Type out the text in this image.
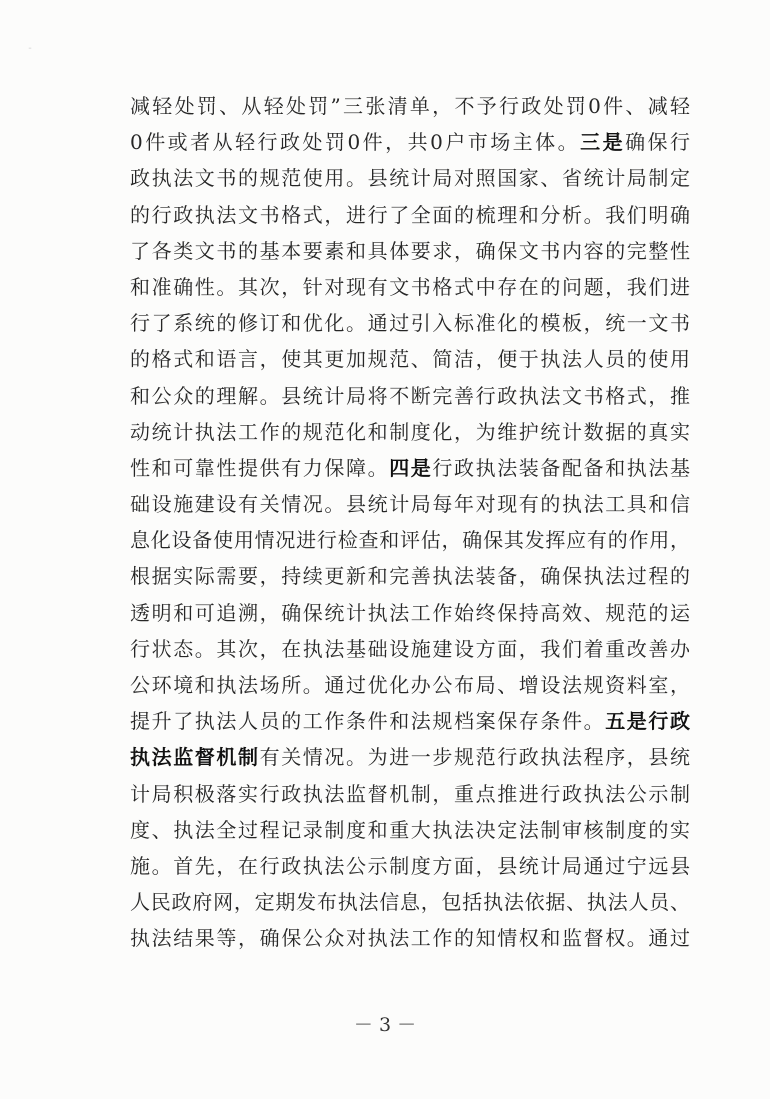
¨
减轻处罚、从轻处罚”三张清单，不予行政处罚0件、减轻
0件或者从轻行政处罚0件，共0户市场主体。三是确保行
政执法文书的规范使用。县统计局对照国家、省统计局制定
的行政执法文书格式，进行了全面的梳理和分析。我们明确
了各类文书的基本要素和具体要求，确保文书内容的完整性
和准确性。其次，针对现有文书格式中存在的问题，我们进
行了系统的修订和优化。通过引入标准化的模板，统一文书
的格式和语言，使其更加规范、简洁，便于执法人员的使用
和公众的理解。县统计局将不断完善行政执法文书格式，推
动统计执法工作的规范化和制度化，为维护统计数据的真实
性和可靠性提供有力保障。四是行政执法装备配备和执法基
础设施建设有关情况。县统计局每年对现有的执法工具和信
息化设备使用情况进行检查和评估，确保其发挥应有的作用，
根据实际需要，持续更新和完善执法装备，确保执法过程的
透明和可追溯，确保统计执法工作始终保持高效、规范的运
行状态。其次，在执法基础设施建设方面，我们着重改善办
公环境和执法场所。通过优化办公布局、增设法规资料室，
提升了执法人员的工作条件和法规档案保存条件。五是行政
执法监督机制有关情况。为进一步规范行政执法程序，县统
计局积极落实行政执法监督机制，重点推进行政执法公示制
度、执法全过程记录制度和重大执法决定法制审核制度的实
施。首先，在行政执法公示制度方面，县统计局通过宁远县
人民政府网，定期发布执法信息，包括执法依据、执法人员、
执法结果等，确保公众对执法工作的知情权和监督权。通过
－ 3 －
